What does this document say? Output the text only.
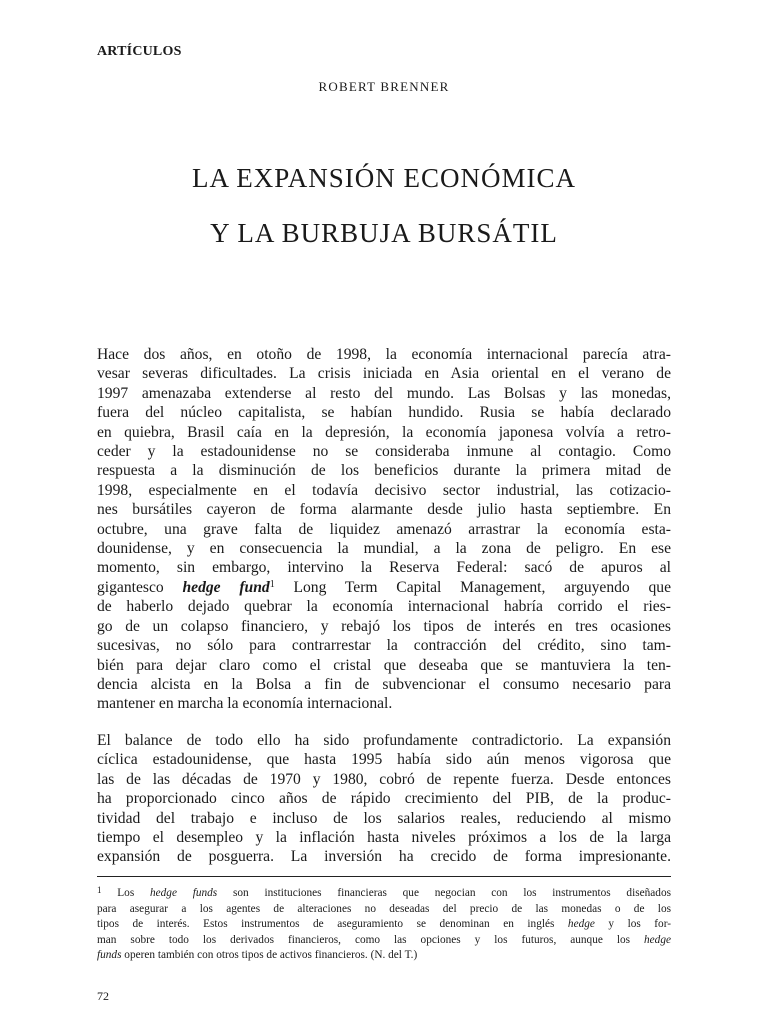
ARTÍCULOS
ROBERT BRENNER
LA EXPANSIÓN ECONÓMICA
Y LA BURBUJA BURSÁTIL
Hace dos años, en otoño de 1998, la economía internacional parecía atra-
vesar severas dificultades. La crisis iniciada en Asia oriental en el verano de
1997 amenazaba extenderse al resto del mundo. Las Bolsas y las monedas,
fuera del núcleo capitalista, se habían hundido. Rusia se había declarado
en quiebra, Brasil caía en la depresión, la economía japonesa volvía a retro-
ceder y la estadounidense no se consideraba inmune al contagio. Como
respuesta a la disminución de los beneficios durante la primera mitad de
1998, especialmente en el todavía decisivo sector industrial, las cotizacio-
nes bursátiles cayeron de forma alarmante desde julio hasta septiembre. En
octubre, una grave falta de liquidez amenazó arrastrar la economía esta-
dounidense, y en consecuencia la mundial, a la zona de peligro. En ese
momento, sin embargo, intervino la Reserva Federal: sacó de apuros al
gigantesco hedge fund$^1$ Long Term Capital Management, arguyendo que
de haberlo dejado quebrar la economía internacional habría corrido el ries-
go de un colapso financiero, y rebajó los tipos de interés en tres ocasiones
sucesivas, no sólo para contrarrestar la contracción del crédito, sino tam-
bién para dejar claro como el cristal que deseaba que se mantuviera la ten-
dencia alcista en la Bolsa a fin de subvencionar el consumo necesario para
mantener en marcha la economía internacional.
El balance de todo ello ha sido profundamente contradictorio. La expansión
cíclica estadounidense, que hasta 1995 había sido aún menos vigorosa que
las de las décadas de 1970 y 1980, cobró de repente fuerza. Desde entonces
ha proporcionado cinco años de rápido crecimiento del PIB, de la produc-
tividad del trabajo e incluso de los salarios reales, reduciendo al mismo
tiempo el desempleo y la inflación hasta niveles próximos a los de la larga
expansión de posguerra. La inversión ha crecido de forma impresionante.
$^1$ Los hedge funds son instituciones financieras que negocian con los instrumentos diseñados
para asegurar a los agentes de alteraciones no deseadas del precio de las monedas o de los
tipos de interés. Estos instrumentos de aseguramiento se denominan en inglés hedge y los for-
man sobre todo los derivados financieros, como las opciones y los futuros, aunque los hedge
funds operen también con otros tipos de activos financieros. (N. del T.)
72
